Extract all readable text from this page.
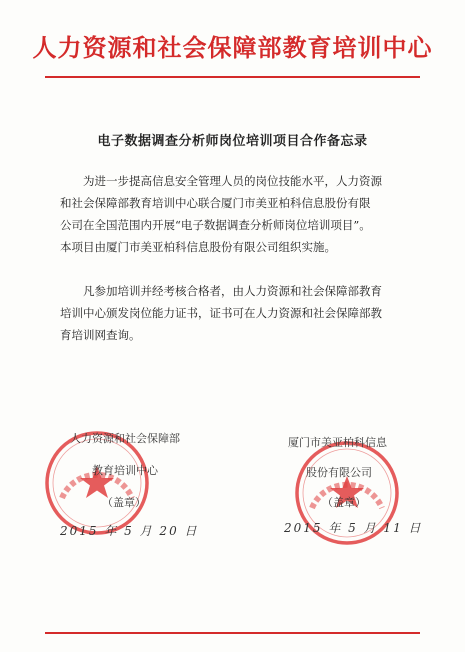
人力资源和社会保障部教育培训中心
电子数据调查分析师岗位培训项目合作备忘录

为进一步提高信息安全管理人员的岗位技能水平，人力资源
和社会保障部教育培训中心联合厦门市美亚柏科信息股份有限
公司在全国范围内开展“电子数据调查分析师岗位培训项目”。
本项目由厦门市美亚柏科信息股份有限公司组织实施。

凡参加培训并经考核合格者，由人力资源和社会保障部教育
培训中心颁发岗位能力证书，证书可在人力资源和社会保障部教
育培训网查询。

人力资源和社会保障部
教育培训中心
（盖章）
2015 年 5 月 20 日
厦门市美亚柏科信息
股份有限公司
（盖章）
2015 年 5 月 11 日
